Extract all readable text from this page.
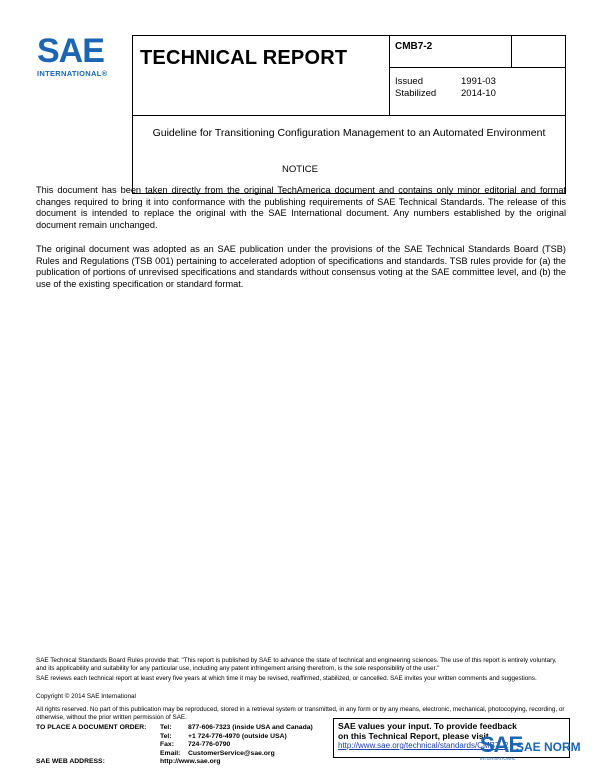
SAE
INTERNATIONAL®
TECHNICAL REPORT
CMB7-2
Issued	1991-03
Stabilized	2014-10
Guideline for Transitioning Configuration Management to an Automated Environment
NOTICE
This document has been taken directly from the original TechAmerica document and contains only minor editorial and format changes required to bring it into conformance with the publishing requirements of SAE Technical Standards. The release of this document is intended to replace the original with the SAE International document. Any numbers established by the original document remain unchanged.
The original document was adopted as an SAE publication under the provisions of the SAE Technical Standards Board (TSB) Rules and Regulations (TSB 001) pertaining to accelerated adoption of specifications and standards. TSB rules provide for (a) the publication of portions of unrevised specifications and standards without consensus voting at the SAE committee level, and (b) the use of the existing specification or standard format.
SAE Technical Standards Board Rules provide that: "This report is published by SAE to advance the state of technical and engineering sciences. The use of this report is entirely voluntary, and its applicability and suitability for any particular use, including any patent infringement arising therefrom, is the sole responsibility of the user."
SAE reviews each technical report at least every five years at which time it may be revised, reaffirmed, stabilized, or cancelled. SAE invites your written comments and suggestions.
Copyright © 2014 SAE International
All rights reserved. No part of this publication may be reproduced, stored in a retrieval system or transmitted, in any form or by any means, electronic, mechanical, photocopying, recording, or otherwise, without the prior written permission of SAE.
TO PLACE A DOCUMENT ORDER: Tel: 877-606-7323 (inside USA and Canada)
Tel: +1 724-776-4970 (outside USA)
Fax: 724-776-0790
Email: CustomerService@sae.org
SAE WEB ADDRESS:	http://www.sae.org
SAE values your input. To provide feedback
on this Technical Report, please visit
http://www.sae.org/technical/standards/CMB7_2
SAE
SAE NORM
INTERNATIONAL
